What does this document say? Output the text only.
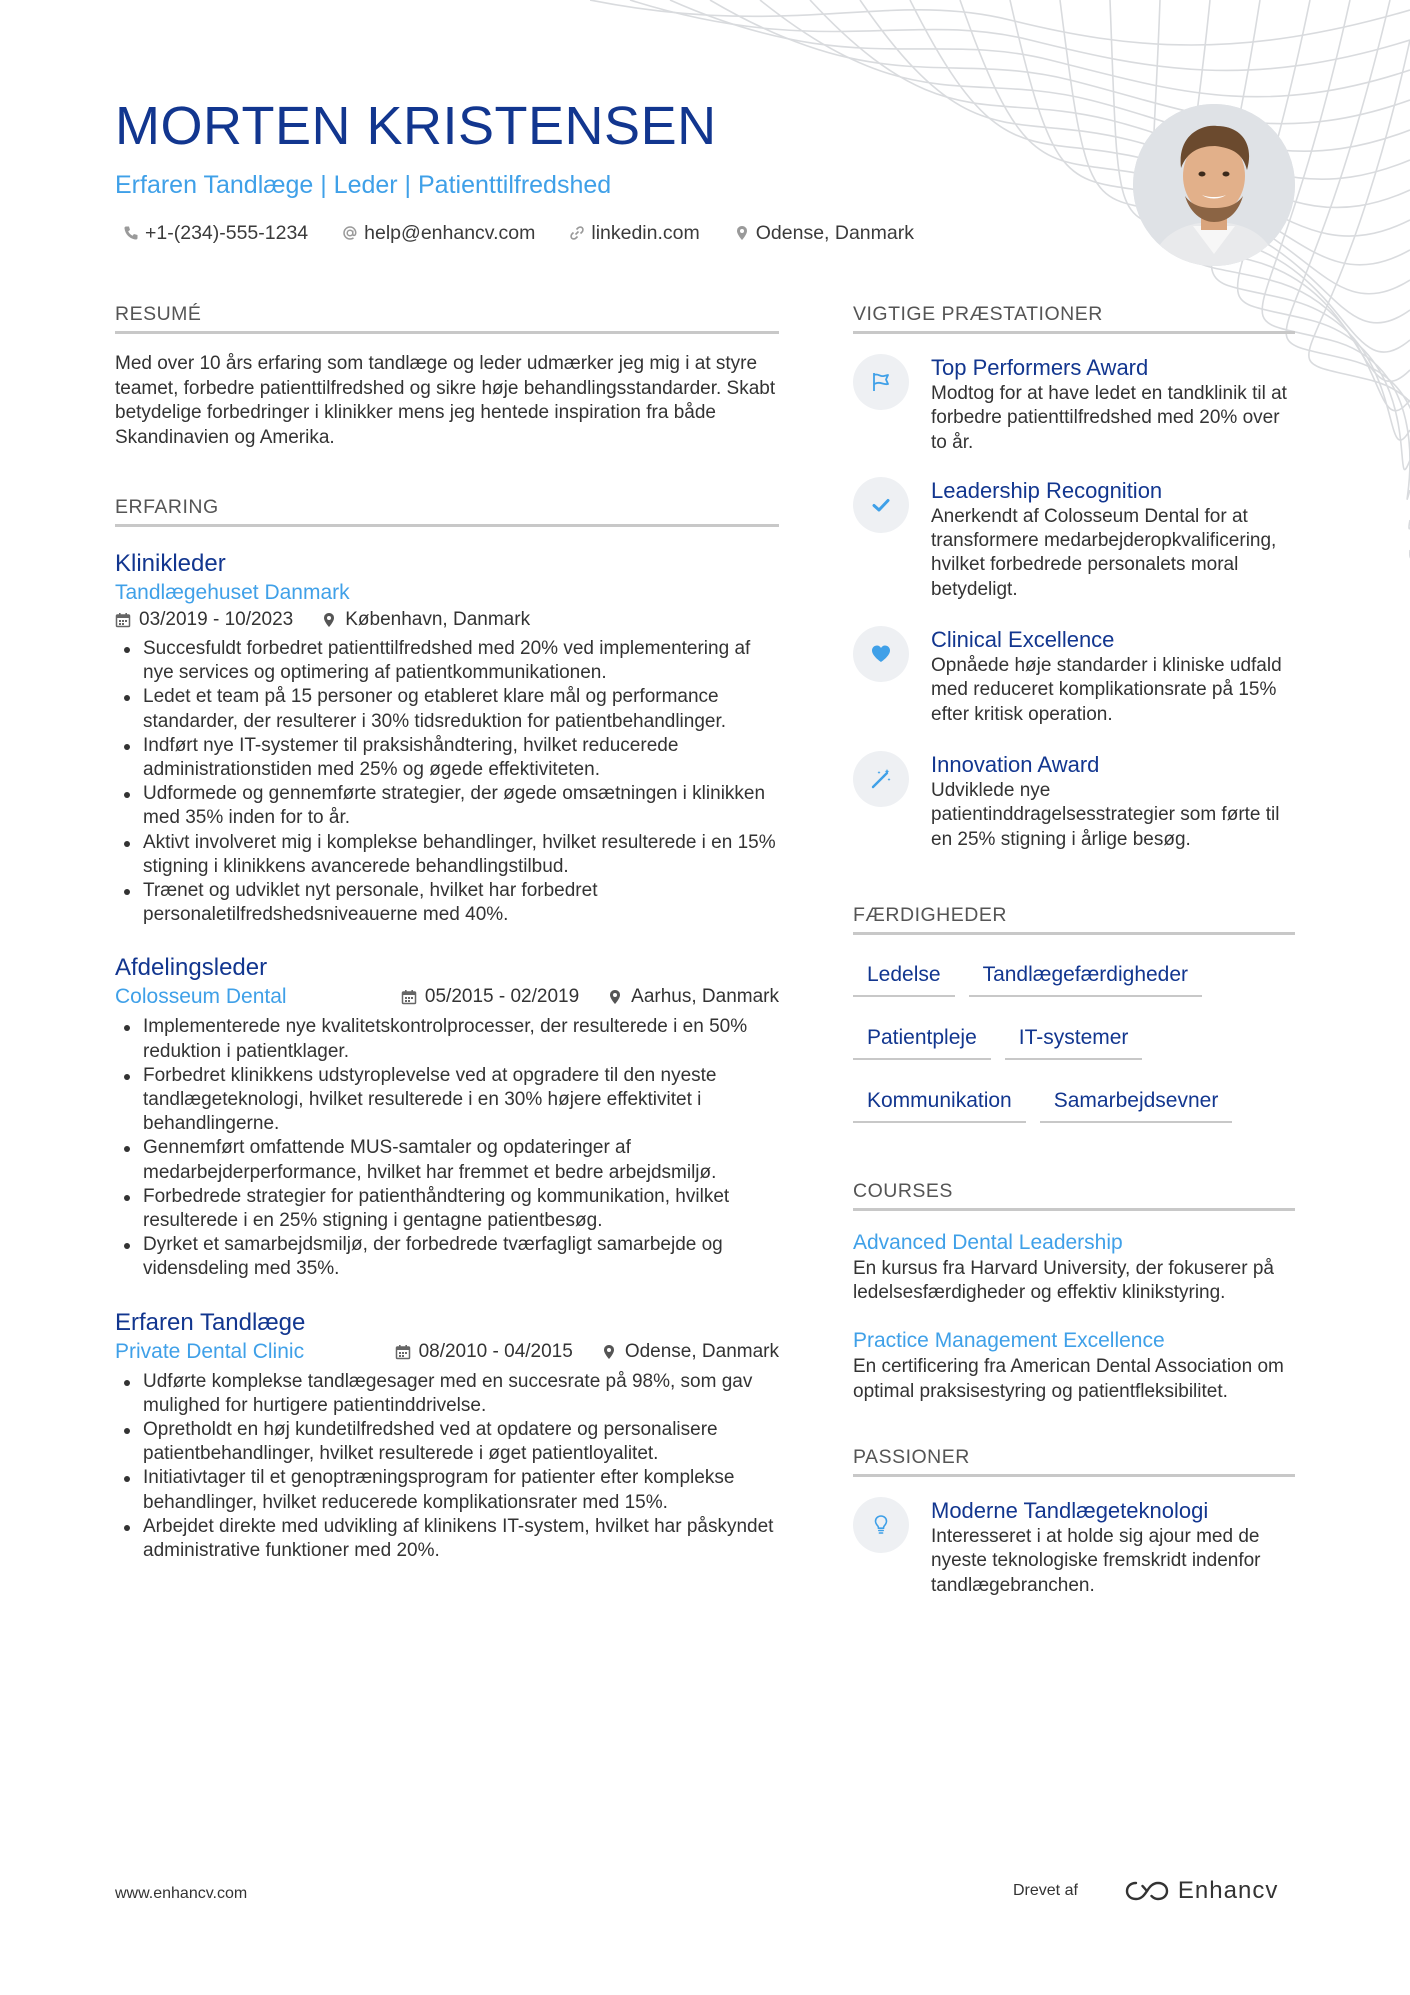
MORTEN KRISTENSEN
Erfaren Tandlæge | Leder | Patienttilfredshed
+1-(234)-555-1234	help@enhancv.com	linkedin.com	Odense, Danmark
RESUMÉ

Med over 10 års erfaring som tandlæge og leder udmærker jeg mig i at styre teamet, forbedre patienttilfredshed og sikre høje behandlingsstandarder. Skabt betydelige forbedringer i klinikker mens jeg hentede inspiration fra både Skandinavien og Amerika.

ERFARING
Klinikleder
Tandlægehuset Danmark
03/2019 - 10/2023	København, Danmark
Succesfuldt forbedret patienttilfredshed med 20% ved implementering af nye services og optimering af patientkommunikationen.
Ledet et team på 15 personer og etableret klare mål og performance standarder, der resulterer i 30% tidsreduktion for patientbehandlinger.
Indført nye IT-systemer til praksishåndtering, hvilket reducerede administrationstiden med 25% og øgede effektiviteten.
Udformede og gennemførte strategier, der øgede omsætningen i klinikken med 35% inden for to år.
Aktivt involveret mig i komplekse behandlinger, hvilket resulterede i en 15% stigning i klinikkens avancerede behandlingstilbud.
Trænet og udviklet nyt personale, hvilket har forbedret personaletilfredshedsniveauerne med 40%.
Afdelingsleder
Colosseum Dental	05/2015 - 02/2019	Aarhus, Danmark
Implementerede nye kvalitetskontrolprocesser, der resulterede i en 50% reduktion i patientklager.
Forbedret klinikkens udstyroplevelse ved at opgradere til den nyeste tandlægeteknologi, hvilket resulterede i en 30% højere effektivitet i behandlingerne.
Gennemført omfattende MUS-samtaler og opdateringer af medarbejderperformance, hvilket har fremmet et bedre arbejdsmiljø.
Forbedrede strategier for patienthåndtering og kommunikation, hvilket resulterede i en 25% stigning i gentagne patientbesøg.
Dyrket et samarbejdsmiljø, der forbedrede tværfagligt samarbejde og vidensdeling med 35%.
Erfaren Tandlæge
Private Dental Clinic	08/2010 - 04/2015	Odense, Danmark
Udførte komplekse tandlægesager med en succesrate på 98%, som gav mulighed for hurtigere patientinddrivelse.
Opretholdt en høj kundetilfredshed ved at opdatere og personalisere patientbehandlinger, hvilket resulterede i øget patientloyalitet.
Initiativtager til et genoptræningsprogram for patienter efter komplekse behandlinger, hvilket reducerede komplikationsrater med 15%.
Arbejdet direkte med udvikling af klinikens IT-system, hvilket har påskyndet administrative funktioner med 20%.
VIGTIGE PRÆSTATIONER
Top Performers Award
Modtog for at have ledet en tandklinik til at forbedre patienttilfredshed med 20% over to år.
Leadership Recognition
Anerkendt af Colosseum Dental for at transformere medarbejderopkvalificering, hvilket forbedrede personalets moral betydeligt.
Clinical Excellence
Opnåede høje standarder i kliniske udfald med reduceret komplikationsrate på 15% efter kritisk operation.
Innovation Award
Udviklede nye patientinddragelsesstrategier som førte til en 25% stigning i årlige besøg.
FÆRDIGHEDER
Ledelse	Tandlægefærdigheder
Patientpleje	IT-systemer
Kommunikation	Samarbejdsevner
COURSES
Advanced Dental Leadership
En kursus fra Harvard University, der fokuserer på ledelsesfærdigheder og effektiv klinikstyring.
Practice Management Excellence
En certificering fra American Dental Association om optimal praksisestyring og patientfleksibilitet.
PASSIONER
Moderne Tandlægeteknologi
Interesseret i at holde sig ajour med de nyeste teknologiske fremskridt indenfor tandlægebranchen.
www.enhancv.com	Drevet af	Enhancv
